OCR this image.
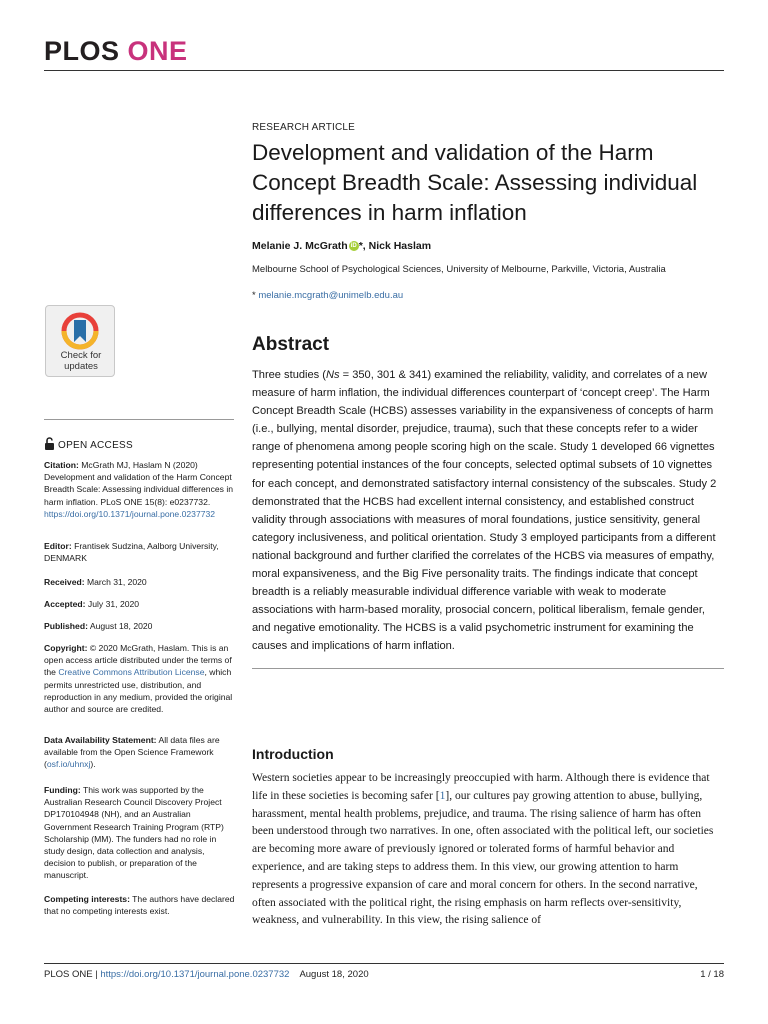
PLOS ONE
RESEARCH ARTICLE
Development and validation of the Harm Concept Breadth Scale: Assessing individual differences in harm inflation
Melanie J. McGrath iD *, Nick Haslam
Melbourne School of Psychological Sciences, University of Melbourne, Parkville, Victoria, Australia
* melanie.mcgrath@unimelb.edu.au
Check for
updates
Abstract

Three studies (Ns = 350, 301 & 341) examined the reliability, validity, and correlates of a new measure of harm inflation, the individual differences counterpart of ‘concept creep’. The Harm Concept Breadth Scale (HCBS) assesses variability in the expansiveness of concepts of harm (i.e., bullying, mental disorder, prejudice, trauma), such that these concepts refer to a wider range of phenomena among people scoring high on the scale. Study 1 developed 66 vignettes representing potential instances of the four concepts, selected optimal subsets of 10 vignettes for each concept, and demonstrated satisfactory internal consistency of the subscales. Study 2 demonstrated that the HCBS had excellent internal consistency, and established construct validity through associations with measures of moral foundations, justice sensitivity, general category inclusiveness, and political orientation. Study 3 employed participants from a different national background and further clarified the correlates of the HCBS via measures of empathy, moral expansiveness, and the Big Five personality traits. The findings indicate that concept breadth is a reliably measurable individual difference variable with weak to moderate associations with harm-based morality, prosocial concern, political liberalism, female gender, and negative emotionality. The HCBS is a valid psychometric instrument for examining the causes and implications of harm inflation.

OPEN ACCESS
Citation: McGrath MJ, Haslam N (2020) Development and validation of the Harm Concept Breadth Scale: Assessing individual differences in harm inflation. PLoS ONE 15(8): e0237732. https://doi.org/10.1371/journal.pone.0237732
Editor: Frantisek Sudzina, Aalborg University, DENMARK
Received: March 31, 2020
Accepted: July 31, 2020
Published: August 18, 2020
Copyright: © 2020 McGrath, Haslam. This is an open access article distributed under the terms of the Creative Commons Attribution License, which permits unrestricted use, distribution, and reproduction in any medium, provided the original author and source are credited.
Data Availability Statement: All data files are available from the Open Science Framework (osf.io/uhnxj).
Funding: This work was supported by the Australian Research Council Discovery Project DP170104948 (NH), and an Australian Government Research Training Program (RTP) Scholarship (MM). The funders had no role in study design, data collection and analysis, decision to publish, or preparation of the manuscript.
Competing interests: The authors have declared that no competing interests exist.
Introduction

Western societies appear to be increasingly preoccupied with harm. Although there is evidence that life in these societies is becoming safer [1], our cultures pay growing attention to abuse, bullying, harassment, mental health problems, prejudice, and trauma. The rising salience of harm has often been understood through two narratives. In one, often associated with the political left, our societies are becoming more aware of previously ignored or tolerated forms of harmful behavior and experience, and are taking steps to address them. In this view, our growing attention to harm represents a progressive expansion of care and moral concern for others. In the second narrative, often associated with the political right, the rising emphasis on harm reflects over-sensitivity, weakness, and vulnerability. In this view, the rising salience of

PLOS ONE | https://doi.org/10.1371/journal.pone.0237732 August 18, 2020	1 / 18
